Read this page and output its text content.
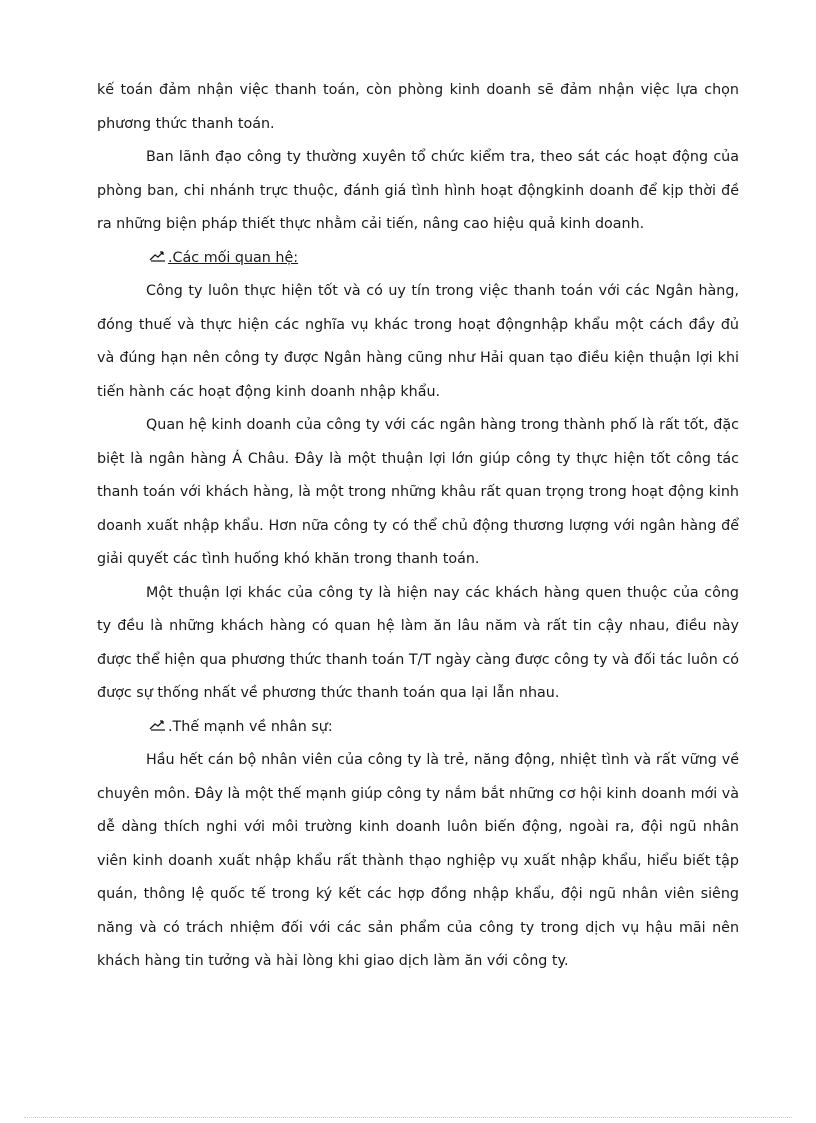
kế toán đảm nhận việc thanh toán, còn phòng kinh doanh sẽ đảm nhận việc lựa chọn phương thức thanh toán.

Ban lãnh đạo công ty thường xuyên tổ chức kiểm tra, theo sát các hoạt động của phòng ban, chi nhánh trực thuộc, đánh giá tình hình hoạt độngkinh doanh để kịp thời đề ra những biện pháp thiết thực nhằm cải tiến, nâng cao hiệu quả kinh doanh.

.Các mối quan hệ:

Công ty luôn thực hiện tốt và có uy tín trong việc thanh toán với các Ngân hàng, đóng thuế và thực hiện các nghĩa vụ khác trong hoạt độngnhập khẩu một cách đầy đủ và đúng hạn nên công ty được Ngân hàng cũng như Hải quan tạo điều kiện thuận lợi khi tiến hành các hoạt động kinh doanh nhập khẩu.

Quan hệ kinh doanh của công ty với các ngân hàng trong thành phố là rất tốt, đặc biệt là ngân hàng Á Châu. Đây là một thuận lợi lớn giúp công ty thực hiện tốt công tác thanh toán với khách hàng, là một trong những khâu rất quan trọng trong hoạt động kinh doanh xuất nhập khẩu. Hơn nữa công ty có thể chủ động thương lượng với ngân hàng để giải quyết các tình huống khó khăn trong thanh toán.

Một thuận lợi khác của công ty là hiện nay các khách hàng quen thuộc của công ty đều là những khách hàng có quan hệ làm ăn lâu năm và rất tin cậy nhau, điều này được thể hiện qua phương thức thanh toán T/T ngày càng được công ty và đối tác luôn có được sự thống nhất về phương thức thanh toán qua lại lẫn nhau.

.Thế mạnh về nhân sự:

Hầu hết cán bộ nhân viên của công ty là trẻ, năng động, nhiệt tình và rất vững về chuyên môn. Đây là một thế mạnh giúp công ty nắm bắt những cơ hội kinh doanh mới và dễ dàng thích nghi với môi trường kinh doanh luôn biến động, ngoài ra, đội ngũ nhân viên kinh doanh xuất nhập khẩu rất thành thạo nghiệp vụ xuất nhập khẩu, hiểu biết tập quán, thông lệ quốc tế trong ký kết các hợp đồng nhập khẩu, đội ngũ nhân viên siêng năng và có trách nhiệm đối với các sản phẩm của công ty trong dịch vụ hậu mãi nên khách hàng tin tưởng và hài lòng khi giao dịch làm ăn với công ty.
